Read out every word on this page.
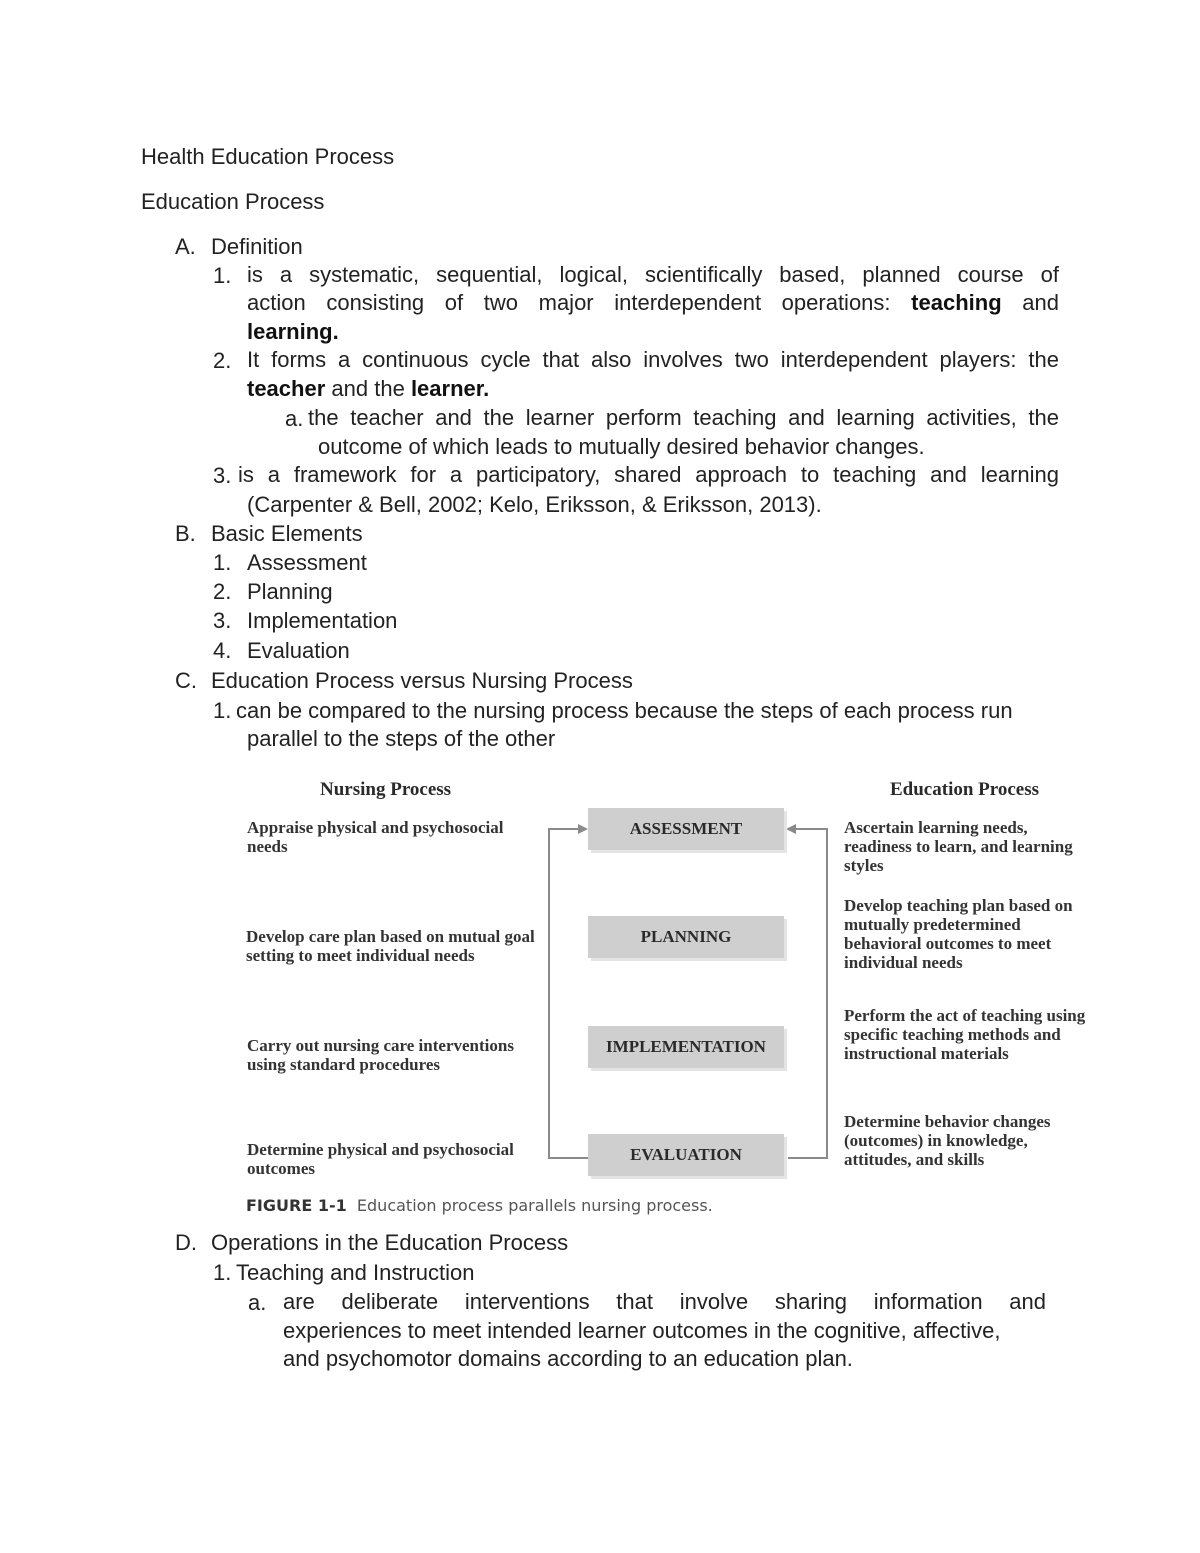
Health Education Process
Education Process
A. Definition
1. is a systematic, sequential, logical, scientifically based, planned course of
action consisting of two major interdependent operations: teaching and
learning.
2. It forms a continuous cycle that also involves two interdependent players: the
teacher and the learner.
a. the teacher and the learner perform teaching and learning activities, the
outcome of which leads to mutually desired behavior changes.
3. is a framework for a participatory, shared approach to teaching and learning
(Carpenter & Bell, 2002; Kelo, Eriksson, & Eriksson, 2013).
B. Basic Elements
1. Assessment
2. Planning
3. Implementation
4. Evaluation
C. Education Process versus Nursing Process
1. can be compared to the nursing process because the steps of each process run
parallel to the steps of the other
Nursing Process	Education Process
ASSESSMENT
PLANNING
IMPLEMENTATION
EVALUATION
Appraise physical and psychosocial needs
Develop care plan based on mutual goal setting to meet individual needs
Carry out nursing care interventions using standard procedures
Determine physical and psychosocial outcomes
Ascertain learning needs, readiness to learn, and learning styles
Develop teaching plan based on mutually predetermined behavioral outcomes to meet individual needs
Perform the act of teaching using specific teaching methods and instructional materials
Determine behavior changes (outcomes) in knowledge, attitudes, and skills
FIGURE 1-1 Education process parallels nursing process.
D. Operations in the Education Process
1. Teaching and Instruction
a. are deliberate interventions that involve sharing information and
experiences to meet intended learner outcomes in the cognitive, affective,
and psychomotor domains according to an education plan.
